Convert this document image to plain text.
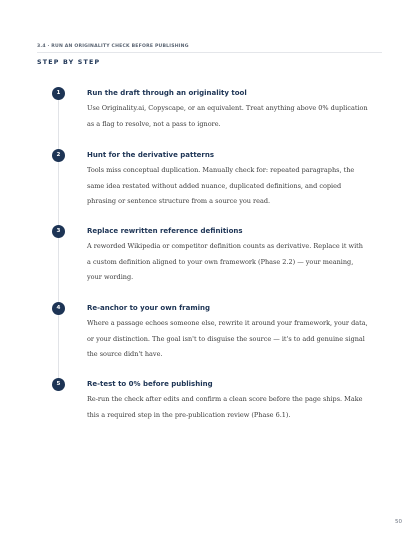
3.4 · RUN AN ORIGINALITY CHECK BEFORE PUBLISHING
STEP BY STEP
1	Run the draft through an originality tool
Use Originality.ai, Copyscape, or an equivalent. Treat anything above 0% duplication
as a flag to resolve, not a pass to ignore.
2	Hunt for the derivative patterns
Tools miss conceptual duplication. Manually check for: repeated paragraphs, the
same idea restated without added nuance, duplicated definitions, and copied
phrasing or sentence structure from a source you read.
3	Replace rewritten reference definitions
A reworded Wikipedia or competitor definition counts as derivative. Replace it with
a custom definition aligned to your own framework (Phase 2.2) — your meaning,
your wording.
4	Re-anchor to your own framing
Where a passage echoes someone else, rewrite it around your framework, your data,
or your distinction. The goal isn't to disguise the source — it's to add genuine signal
the source didn't have.
5	Re-test to 0% before publishing
Re-run the check after edits and confirm a clean score before the page ships. Make
this a required step in the pre-publication review (Phase 6.1).
50
